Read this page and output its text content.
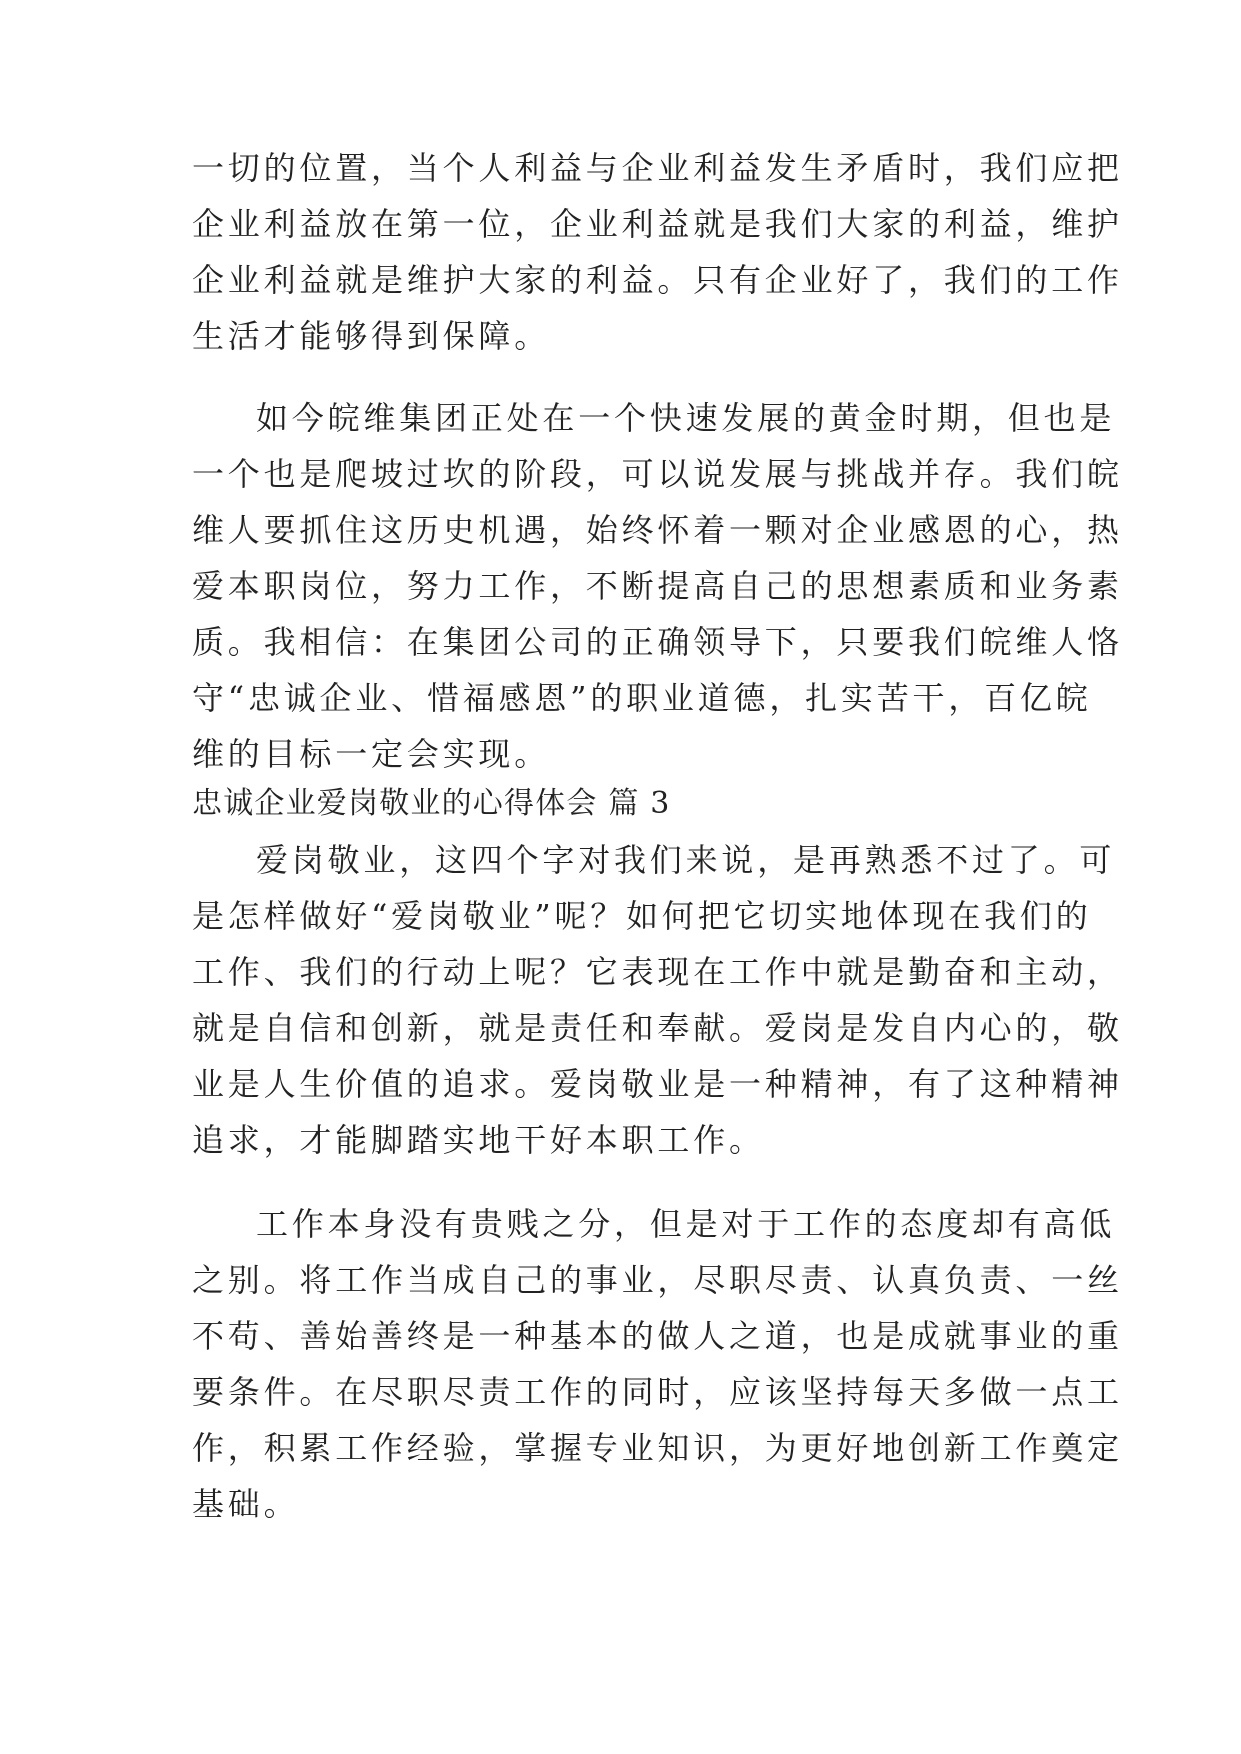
一切的位置，当个人利益与企业利益发生矛盾时，我们应把
企业利益放在第一位，企业利益就是我们大家的利益，维护
企业利益就是维护大家的利益。只有企业好了，我们的工作
生活才能够得到保障。
如今皖维集团正处在一个快速发展的黄金时期，但也是
一个也是爬坡过坎的阶段，可以说发展与挑战并存。我们皖
维人要抓住这历史机遇，始终怀着一颗对企业感恩的心，热
爱本职岗位，努力工作，不断提高自己的思想素质和业务素
质。我相信：在集团公司的正确领导下，只要我们皖维人恪
守“忠诚企业、惜福感恩”的职业道德，扎实苦干，百亿皖
维的目标一定会实现。
忠诚企业爱岗敬业的心得体会 篇 3
爱岗敬业，这四个字对我们来说，是再熟悉不过了。可
是怎样做好“爱岗敬业”呢？如何把它切实地体现在我们的
工作、我们的行动上呢？它表现在工作中就是勤奋和主动，
就是自信和创新，就是责任和奉献。爱岗是发自内心的，敬
业是人生价值的追求。爱岗敬业是一种精神，有了这种精神
追求，才能脚踏实地干好本职工作。
工作本身没有贵贱之分，但是对于工作的态度却有高低
之别。将工作当成自己的事业，尽职尽责、认真负责、一丝
不苟、善始善终是一种基本的做人之道，也是成就事业的重
要条件。在尽职尽责工作的同时，应该坚持每天多做一点工
作，积累工作经验，掌握专业知识，为更好地创新工作奠定
基础。
